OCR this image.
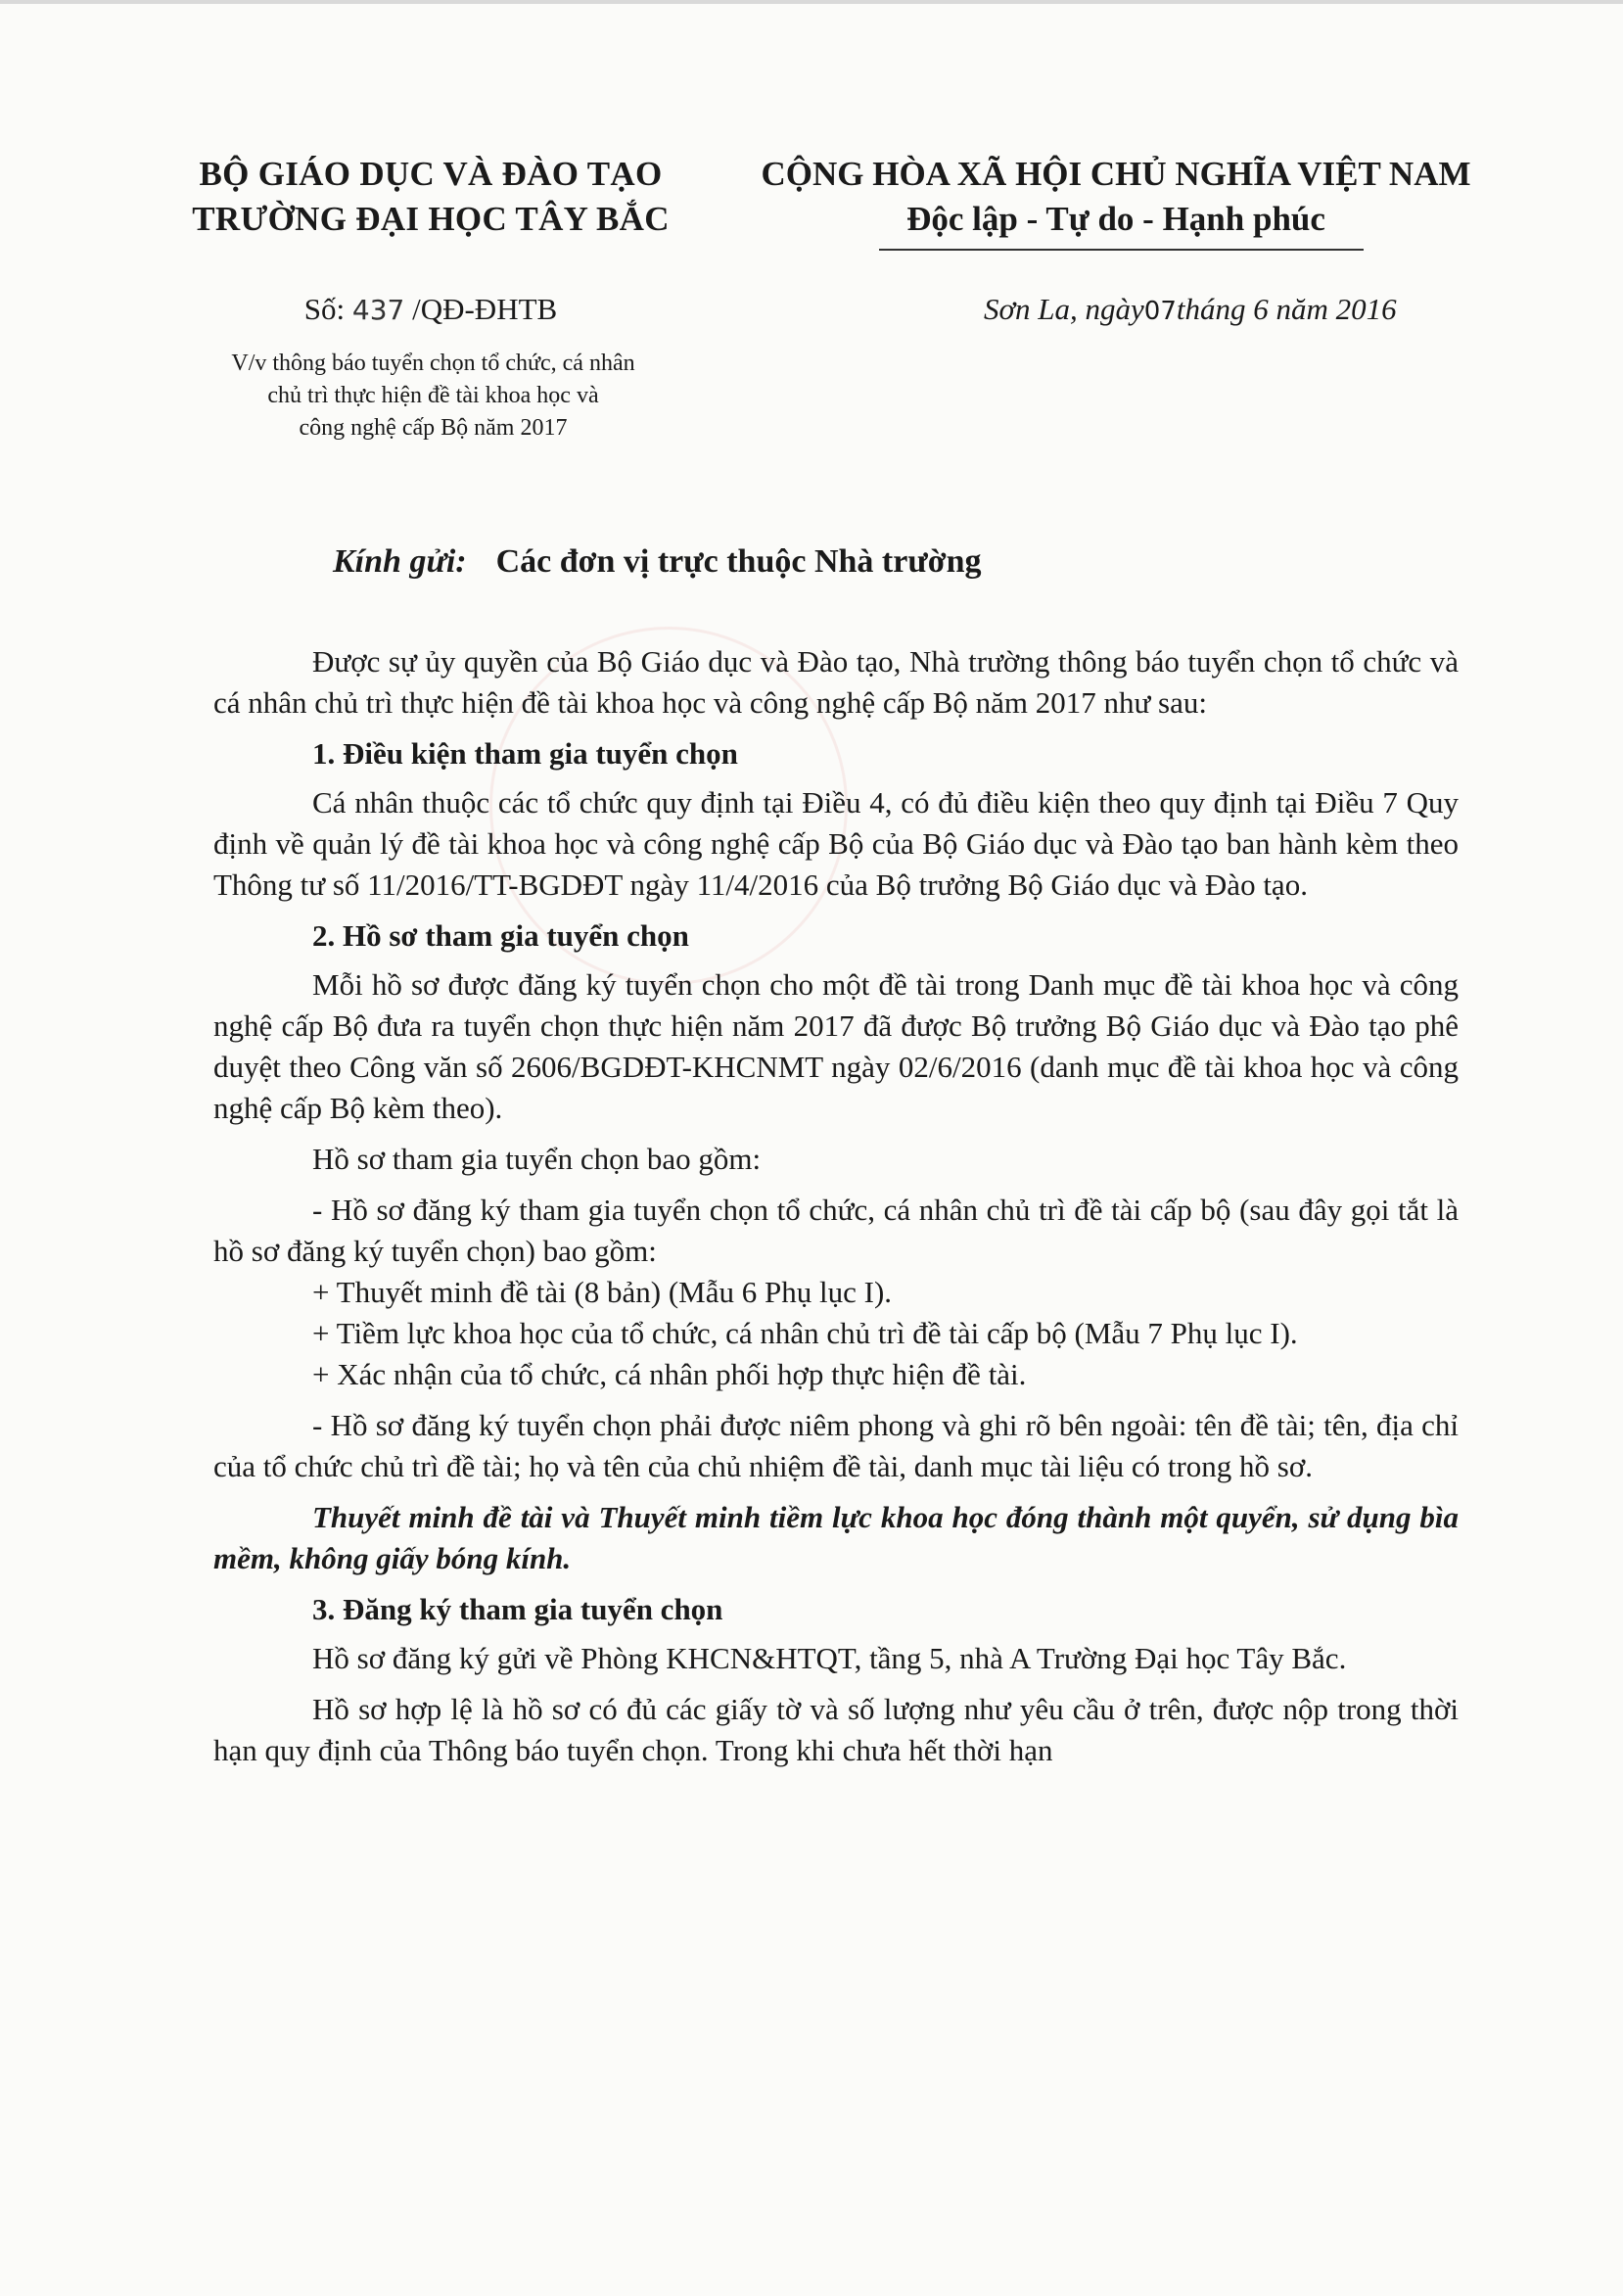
BỘ GIÁO DỤC VÀ ĐÀO TẠO
TRƯỜNG ĐẠI HỌC TÂY BẮC
CỘNG HÒA XÃ HỘI CHỦ NGHĨA VIỆT NAM
Độc lập - Tự do - Hạnh phúc
Số: 437 /QĐ-ĐHTB	Sơn La, ngày07tháng 6 năm 2016
V/v thông báo tuyển chọn tổ chức, cá nhân
chủ trì thực hiện đề tài khoa học và
công nghệ cấp Bộ năm 2017
Kính gửi: Các đơn vị trực thuộc Nhà trường

Được sự ủy quyền của Bộ Giáo dục và Đào tạo, Nhà trường thông báo tuyển chọn tổ chức và cá nhân chủ trì thực hiện đề tài khoa học và công nghệ cấp Bộ năm 2017 như sau:

1. Điều kiện tham gia tuyển chọn

Cá nhân thuộc các tổ chức quy định tại Điều 4, có đủ điều kiện theo quy định tại Điều 7 Quy định về quản lý đề tài khoa học và công nghệ cấp Bộ của Bộ Giáo dục và Đào tạo ban hành kèm theo Thông tư số 11/2016/TT-BGDĐT ngày 11/4/2016 của Bộ trưởng Bộ Giáo dục và Đào tạo.

2. Hồ sơ tham gia tuyển chọn

Mỗi hồ sơ được đăng ký tuyển chọn cho một đề tài trong Danh mục đề tài khoa học và công nghệ cấp Bộ đưa ra tuyển chọn thực hiện năm 2017 đã được Bộ trưởng Bộ Giáo dục và Đào tạo phê duyệt theo Công văn số 2606/BGDĐT-KHCNMT ngày 02/6/2016 (danh mục đề tài khoa học và công nghệ cấp Bộ kèm theo).

Hồ sơ tham gia tuyển chọn bao gồm:

- Hồ sơ đăng ký tham gia tuyển chọn tổ chức, cá nhân chủ trì đề tài cấp bộ (sau đây gọi tắt là hồ sơ đăng ký tuyển chọn) bao gồm:

+ Thuyết minh đề tài (8 bản) (Mẫu 6 Phụ lục I).

+ Tiềm lực khoa học của tổ chức, cá nhân chủ trì đề tài cấp bộ (Mẫu 7 Phụ lục I).

+ Xác nhận của tổ chức, cá nhân phối hợp thực hiện đề tài.

- Hồ sơ đăng ký tuyển chọn phải được niêm phong và ghi rõ bên ngoài: tên đề tài; tên, địa chỉ của tổ chức chủ trì đề tài; họ và tên của chủ nhiệm đề tài, danh mục tài liệu có trong hồ sơ.

Thuyết minh đề tài và Thuyết minh tiềm lực khoa học đóng thành một quyển, sử dụng bìa mềm, không giấy bóng kính.

3. Đăng ký tham gia tuyển chọn

Hồ sơ đăng ký gửi về Phòng KHCN&HTQT, tầng 5, nhà A Trường Đại học Tây Bắc.

Hồ sơ hợp lệ là hồ sơ có đủ các giấy tờ và số lượng như yêu cầu ở trên, được nộp trong thời hạn quy định của Thông báo tuyển chọn. Trong khi chưa hết thời hạn
